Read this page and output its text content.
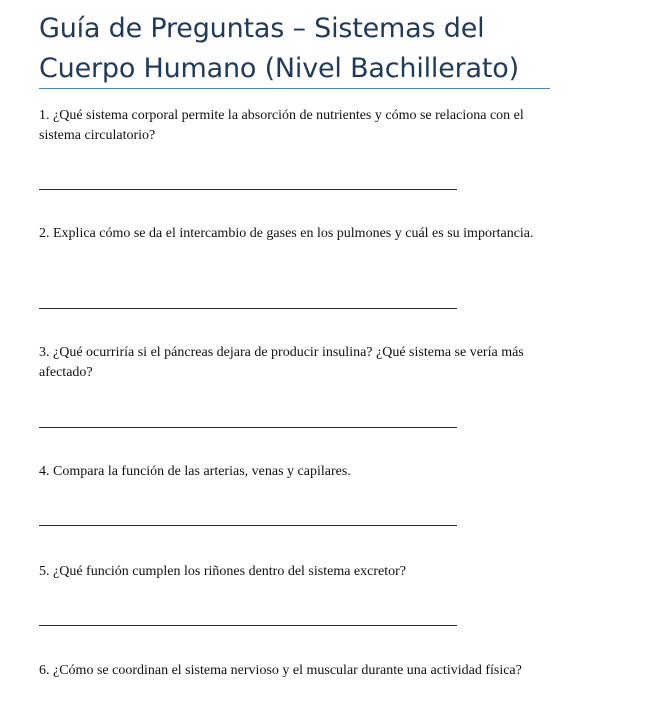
Guía de Preguntas – Sistemas del Cuerpo Humano (Nivel Bachillerato)

1. ¿Qué sistema corporal permite la absorción de nutrientes y cómo se relaciona con el sistema circulatorio?

2. Explica cómo se da el intercambio de gases en los pulmones y cuál es su importancia.

3. ¿Qué ocurriría si el páncreas dejara de producir insulina? ¿Qué sistema se vería más afectado?

4. Compara la función de las arterias, venas y capilares.

5. ¿Qué función cumplen los riñones dentro del sistema excretor?

6. ¿Cómo se coordinan el sistema nervioso y el muscular durante una actividad física?
